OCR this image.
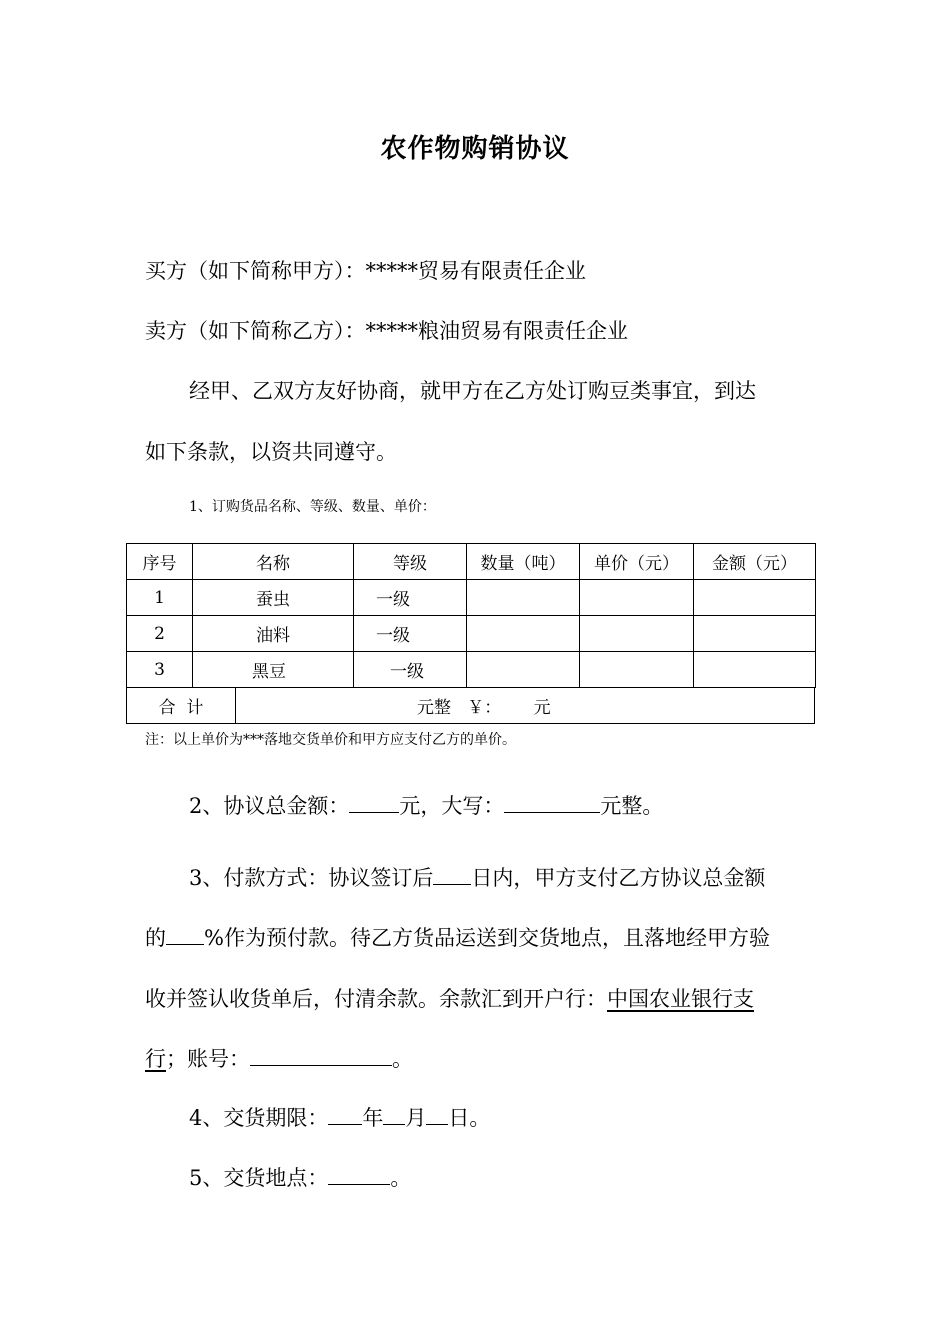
农作物购销协议
买方（如下简称甲方）：*****贸易有限责任企业
卖方（如下简称乙方）：*****粮油贸易有限责任企业
经甲、乙双方友好协商，就甲方在乙方处订购豆类事宜，到达
如下条款，以资共同遵守。
1、订购货品名称、等级、数量、单价：
序号	名称	等级	数量（吨）	单价（元）	金额（元）
1	蚕虫	一级			
2	油料	一级			
3	黑豆	一级			
合  计	元整   ￥：      元
注：以上单价为***落地交货单价和甲方应支付乙方的单价。
2、协议总金额： 元，大写：	元整。
3、付款方式：协议签订后 日内，甲方支付乙方协议总金额
的 %作为预付款。待乙方货品运送到交货地点，且落地经甲方验
收并签认收货单后，付清余款。余款汇到开户行：中国农业银行支
行；账号：	。
4、交货期限： 年 月 日。
5、交货地点：	。
